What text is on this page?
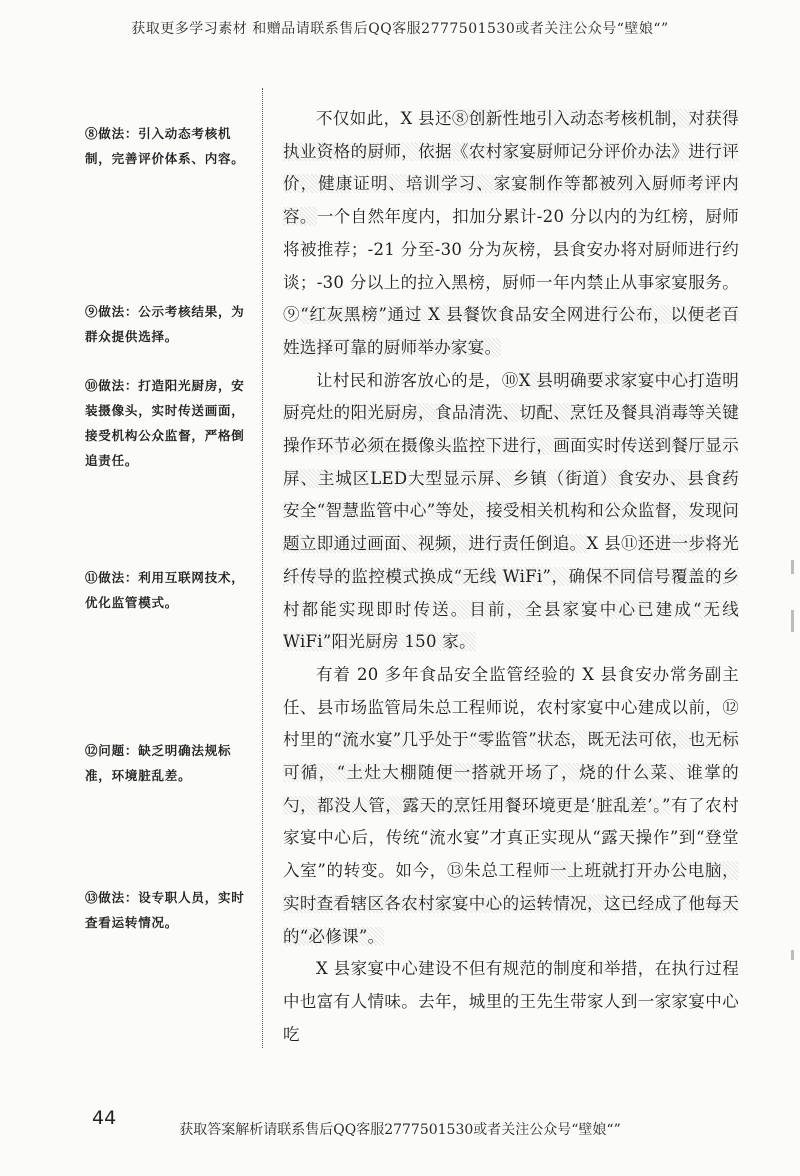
获取更多学习素材 和赠品请联系售后QQ客服2777501530或者关注公众号“壁娘“”
⑧做法：引入动态考核机制，完善评价体系、内容。
⑨做法：公示考核结果，为群众提供选择。
⑩做法：打造阳光厨房，安装摄像头，实时传送画面，接受机构公众监督，严格倒追责任。
⑪做法：利用互联网技术，优化监管模式。
⑫问题：缺乏明确法规标准，环境脏乱差。
⑬做法：设专职人员，实时查看运转情况。

不仅如此，X 县还⑧创新性地引入动态考核机制，对获得执业资格的厨师，依据《农村家宴厨师记分评价办法》进行评价，健康证明、培训学习、家宴制作等都被列入厨师考评内容。一个自然年度内，扣加分累计-20 分以内的为红榜，厨师将被推荐；-21 分至-30 分为灰榜，县食安办将对厨师进行约谈；-30 分以上的拉入黑榜，厨师一年内禁止从事家宴服务。⑨“红灰黑榜”通过 X 县餐饮食品安全网进行公布，以便老百姓选择可靠的厨师举办家宴。

让村民和游客放心的是，⑩X 县明确要求家宴中心打造明厨亮灶的阳光厨房，食品清洗、切配、烹饪及餐具消毒等关键操作环节必须在摄像头监控下进行，画面实时传送到餐厅显示屏、主城区LED大型显示屏、乡镇（街道）食安办、县食药安全“智慧监管中心”等处，接受相关机构和公众监督，发现问题立即通过画面、视频，进行责任倒追。X 县⑪还进一步将光纤传导的监控模式换成“无线 WiFi”，确保不同信号覆盖的乡村都能实现即时传送。目前，全县家宴中心已建成“无线 WiFi”阳光厨房 150 家。

有着 20 多年食品安全监管经验的 X 县食安办常务副主任、县市场监管局朱总工程师说，农村家宴中心建成以前，⑫村里的“流水宴”几乎处于“零监管”状态，既无法可依，也无标可循，“土灶大棚随便一搭就开场了，烧的什么菜、谁掌的勺，都没人管，露天的烹饪用餐环境更是‘脏乱差’。”有了农村家宴中心后，传统“流水宴”才真正实现从“露天操作”到“登堂入室”的转变。如今，⑬朱总工程师一上班就打开办公电脑，实时查看辖区各农村家宴中心的运转情况，这已经成了他每天的“必修课”。

X 县家宴中心建设不但有规范的制度和举措，在执行过程中也富有人情味。去年，城里的王先生带家人到一家家宴中心吃

44
获取答案解析请联系售后QQ客服2777501530或者关注公众号“壁娘“”
